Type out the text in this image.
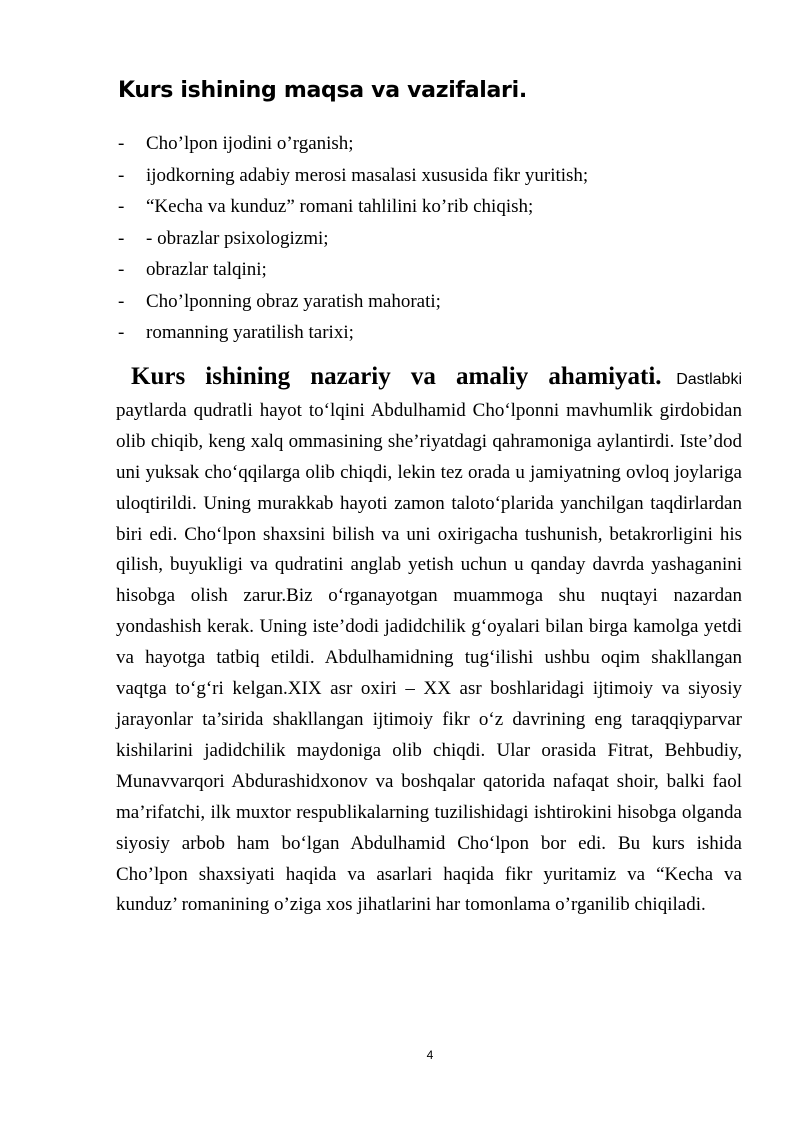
Kurs ishining maqsa va vazifalari.
- Cho’lpon ijodini o’rganish;
- ijodkorning adabiy merosi masalasi xususida fikr yuritish;
- “Kecha va kunduz” romani tahlilini ko’rib chiqish;
- - obrazlar psixologizmi;
- obrazlar talqini;
- Cho’lponning obraz yaratish mahorati;
- romanning yaratilish tarixi;

Kurs ishining nazariy va amaliy ahamiyati. Dastlabki paytlarda qudratli hayot to‘lqini Abdulhamid Cho‘lponni mavhumlik girdobidan olib chiqib, keng xalq ommasining she’riyatdagi qahramoniga aylantirdi. Iste’dod uni yuksak cho‘qqilarga olib chiqdi, lekin tez orada u jamiyatning ovloq joylariga uloqtirildi. Uning murakkab hayoti zamon taloto‘plarida yanchilgan taqdirlardan biri edi. Cho‘lpon shaxsini bilish va uni oxirigacha tushunish, betakrorligini his qilish, buyukligi va qudratini anglab yetish uchun u qanday davrda yashaganini hisobga olish zarur.Biz o‘rganayotgan muammoga shu nuqtayi nazardan yondashish kerak. Uning iste’dodi jadidchilik g‘oyalari bilan birga kamolga yetdi va hayotga tatbiq etildi. Abdulhamidning tug‘ilishi ushbu oqim shakllangan vaqtga to‘g‘ri kelgan.XIX asr oxiri – XX asr boshlaridagi ijtimoiy va siyosiy jarayonlar ta’sirida shakllangan ijtimoiy fikr o‘z davrining eng taraqqiyparvar kishilarini jadidchilik maydoniga olib chiqdi. Ular orasida Fitrat, Behbudiy, Munavvarqori Abdurashidxonov va boshqalar qatorida nafaqat shoir, balki faol ma’rifatchi, ilk muxtor respublikalarning tuzilishidagi ishtirokini hisobga olganda siyosiy arbob ham bo‘lgan Abdulhamid Cho‘lpon bor edi. Bu kurs ishida Cho’lpon shaxsiyati haqida va asarlari haqida fikr yuritamiz va “Kecha va kunduz’ romanining o’ziga xos jihatlarini har tomonlama o’rganilib chiqiladi.

4
